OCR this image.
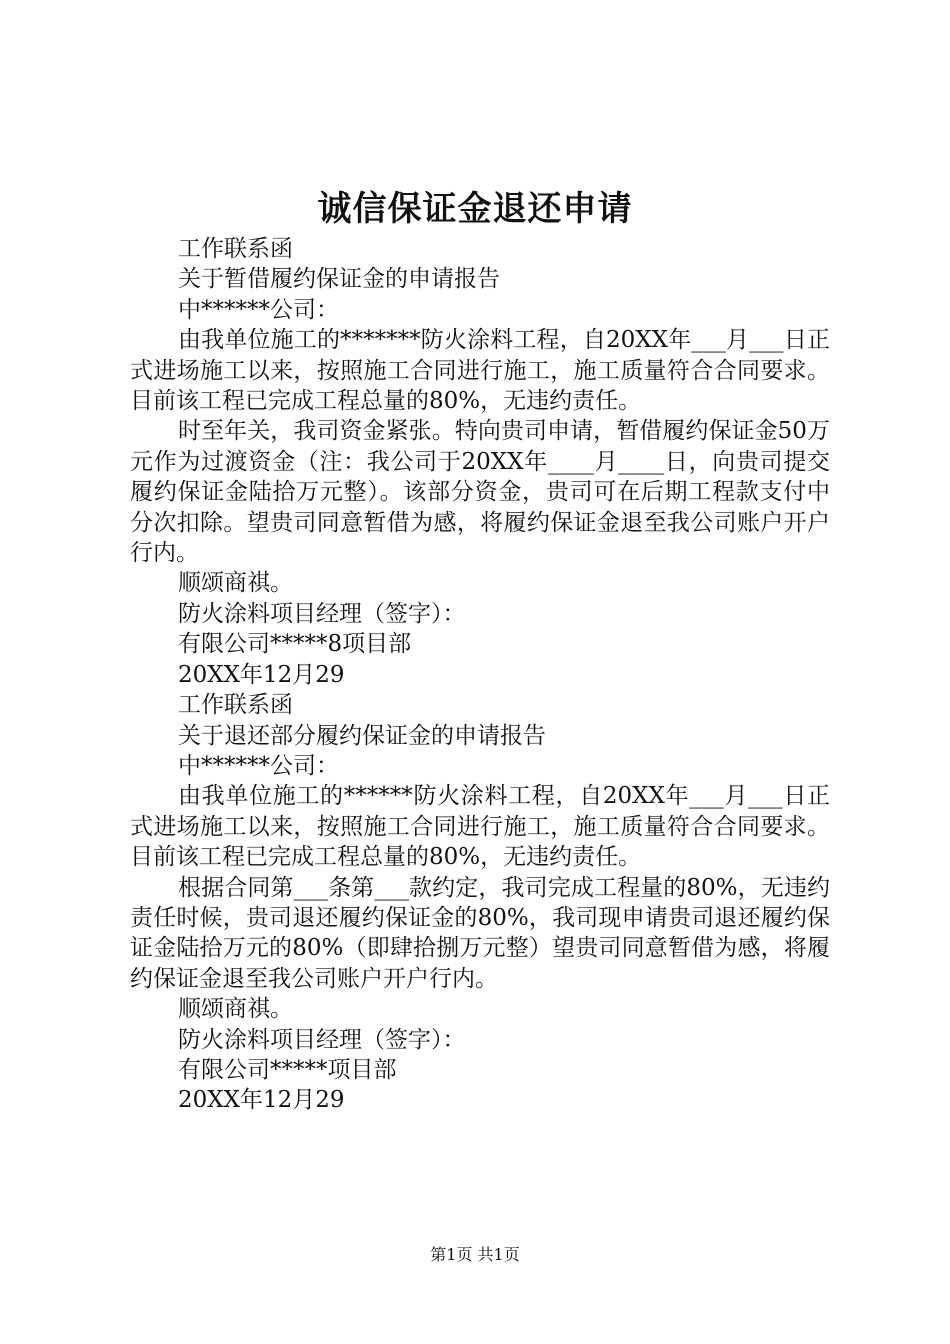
诚信保证金退还申请

工作联系函

关于暂借履约保证金的申请报告

中******公司：

由我单位施工的*******防火涂料工程，自20XX年___月___日正式进场施工以来，按照施工合同进行施工，施工质量符合合同要求。目前该工程已完成工程总量的80%，无违约责任。

时至年关，我司资金紧张。特向贵司申请，暂借履约保证金50万元作为过渡资金（注：我公司于20XX年____月____日，向贵司提交履约保证金陆拾万元整）。该部分资金，贵司可在后期工程款支付中分次扣除。望贵司同意暂借为感，将履约保证金退至我公司账户开户行内。

顺颂商祺。

防火涂料项目经理（签字）：

有限公司*****8项目部

20XX年12月29

工作联系函

关于退还部分履约保证金的申请报告

中******公司：

由我单位施工的******防火涂料工程，自20XX年___月___日正式进场施工以来，按照施工合同进行施工，施工质量符合合同要求。目前该工程已完成工程总量的80%，无违约责任。

根据合同第___条第___款约定，我司完成工程量的80%，无违约责任时候，贵司退还履约保证金的80%，我司现申请贵司退还履约保证金陆拾万元的80%（即肆拾捌万元整）望贵司同意暂借为感，将履约保证金退至我公司账户开户行内。

顺颂商祺。

防火涂料项目经理（签字）：

有限公司*****项目部

20XX年12月29

第1页 共1页
